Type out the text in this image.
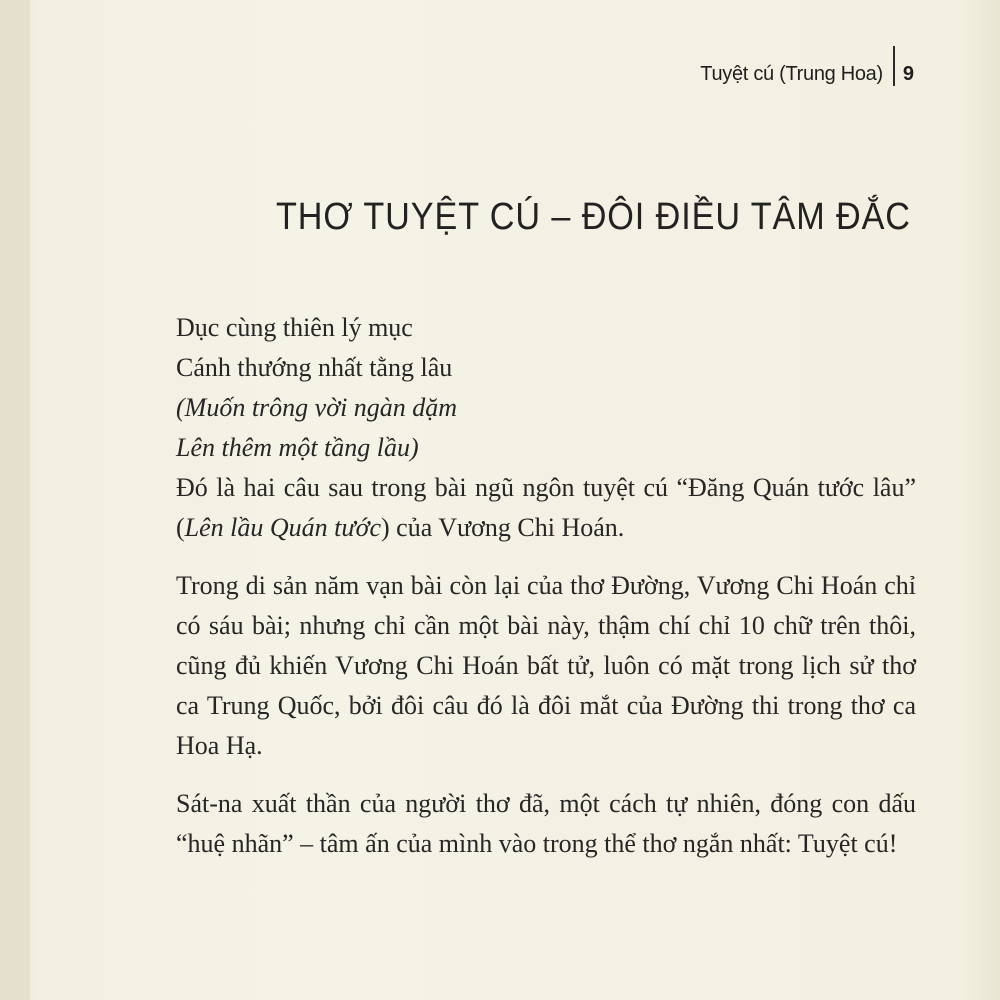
Tuyệt cú (Trung Hoa)	9
THƠ TUYỆT CÚ – ĐÔI ĐIỀU TÂM ĐẮC
Dục cùng thiên lý mục
Cánh thướng nhất tằng lâu
(Muốn trông vời ngàn dặm
Lên thêm một tầng lầu)

Đó là hai câu sau trong bài ngũ ngôn tuyệt cú “Đăng Quán tước lâu” (Lên lầu Quán tước) của Vương Chi Hoán.

Trong di sản năm vạn bài còn lại của thơ Đường, Vương Chi Hoán chỉ có sáu bài; nhưng chỉ cần một bài này, thậm chí chỉ 10 chữ trên thôi, cũng đủ khiến Vương Chi Hoán bất tử, luôn có mặt trong lịch sử thơ ca Trung Quốc, bởi đôi câu đó là đôi mắt của Đường thi trong thơ ca Hoa Hạ.

Sát-na xuất thần của người thơ đã, một cách tự nhiên, đóng con dấu “huệ nhãn” – tâm ấn của mình vào trong thể thơ ngắn nhất: Tuyệt cú!
